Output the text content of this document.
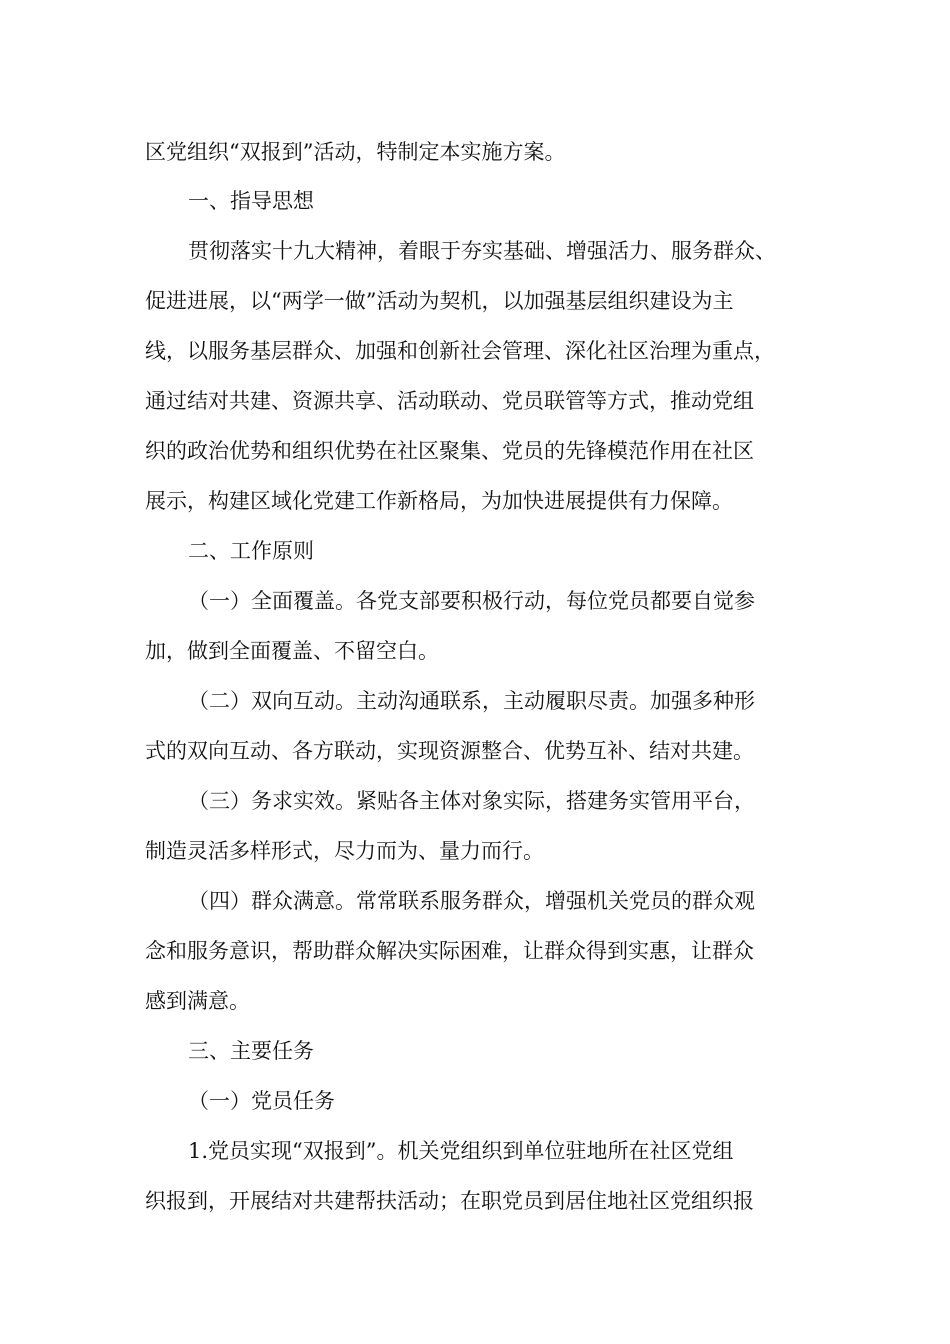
区党组织“双报到”活动，特制定本实施方案。
一、指导思想
贯彻落实十九大精神，着眼于夯实基础、增强活力、服务群众、
促进进展，以“两学一做”活动为契机，以加强基层组织建设为主
线，以服务基层群众、加强和创新社会管理、深化社区治理为重点，
通过结对共建、资源共享、活动联动、党员联管等方式，推动党组
织的政治优势和组织优势在社区聚集、党员的先锋模范作用在社区
展示，构建区域化党建工作新格局，为加快进展提供有力保障。
二、工作原则
（一）全面覆盖。各党支部要积极行动，每位党员都要自觉参
加，做到全面覆盖、不留空白。
（二）双向互动。主动沟通联系，主动履职尽责。加强多种形
式的双向互动、各方联动，实现资源整合、优势互补、结对共建。
（三）务求实效。紧贴各主体对象实际，搭建务实管用平台，
制造灵活多样形式，尽力而为、量力而行。
（四）群众满意。常常联系服务群众，增强机关党员的群众观
念和服务意识，帮助群众解决实际困难，让群众得到实惠，让群众
感到满意。
三、主要任务
（一）党员任务
1.党员实现“双报到”。机关党组织到单位驻地所在社区党组
织报到，开展结对共建帮扶活动；在职党员到居住地社区党组织报
